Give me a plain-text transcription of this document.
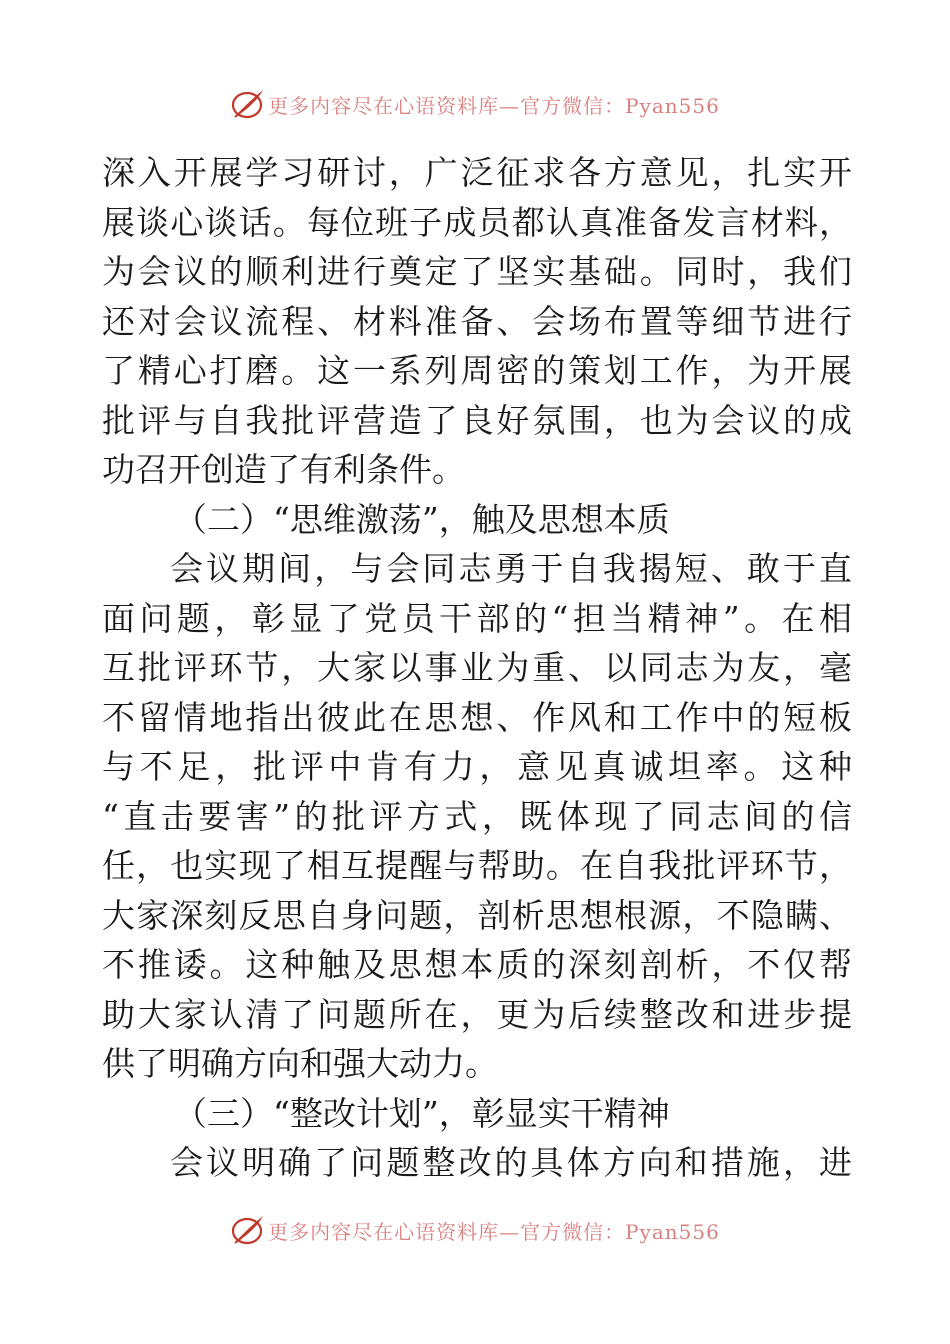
更多内容尽在心语资料库—官方微信：Pyan556
深入开展学习研讨，广泛征求各方意见，扎实开
展谈心谈话。每位班子成员都认真准备发言材料，
为会议的顺利进行奠定了坚实基础。同时，我们
还对会议流程、材料准备、会场布置等细节进行
了精心打磨。这一系列周密的策划工作，为开展
批评与自我批评营造了良好氛围，也为会议的成
功召开创造了有利条件。
（二）“思维激荡”，触及思想本质
会议期间，与会同志勇于自我揭短、敢于直
面问题，彰显了党员干部的“担当精神”。在相
互批评环节，大家以事业为重、以同志为友，毫
不留情地指出彼此在思想、作风和工作中的短板
与不足，批评中肯有力，意见真诚坦率。这种
“直击要害”的批评方式，既体现了同志间的信
任，也实现了相互提醒与帮助。在自我批评环节，
大家深刻反思自身问题，剖析思想根源，不隐瞒、
不推诿。这种触及思想本质的深刻剖析，不仅帮
助大家认清了问题所在，更为后续整改和进步提
供了明确方向和强大动力。
（三）“整改计划”，彰显实干精神
会议明确了问题整改的具体方向和措施，进
更多内容尽在心语资料库—官方微信：Pyan556
